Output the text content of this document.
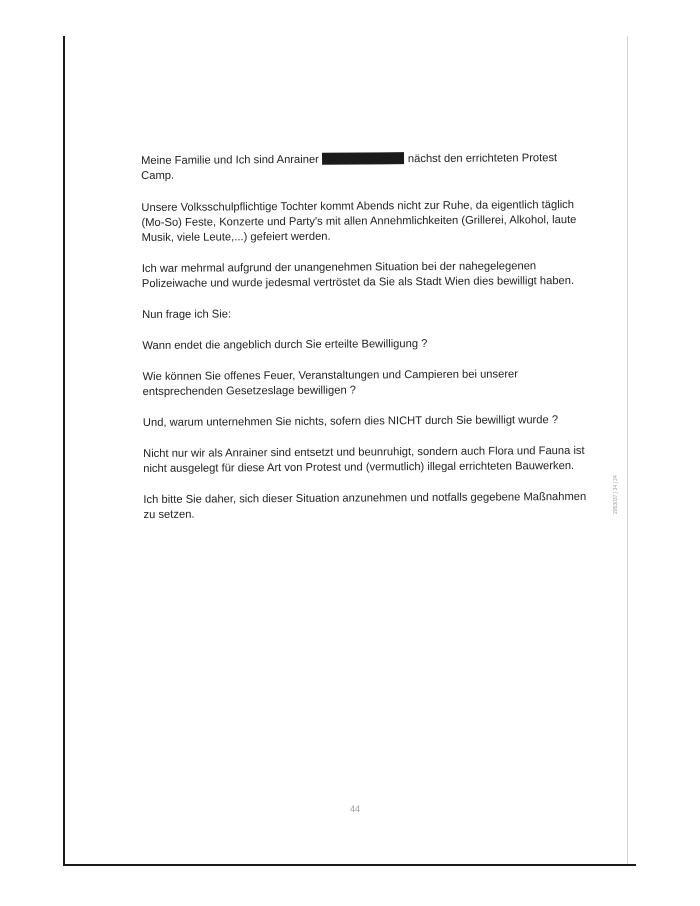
Meine Familie und Ich sind Anrainer	nächst den errichteten Protest Camp.

Unsere Volksschulpflichtige Tochter kommt Abends nicht zur Ruhe, da eigentlich täglich (Mo-So) Feste, Konzerte und Party's mit allen Annehmlichkeiten (Grillerei, Alkohol, laute Musik, viele Leute,...) gefeiert werden.

Ich war mehrmal aufgrund der unangenehmen Situation bei der nahegelegenen Polizeiwache und wurde jedesmal vertröstet da Sie als Stadt Wien dies bewilligt haben.

Nun frage ich Sie:

Wann endet die angeblich durch Sie erteilte Bewilligung ?

Wie können Sie offenes Feuer, Veranstaltungen und Campieren bei unserer entsprechenden Gesetzeslage bewilligen ?

Und, warum unternehmen Sie nichts, sofern dies NICHT durch Sie bewilligt wurde ?

Nicht nur wir als Anrainer sind entsetzt und beunruhigt, sondern auch Flora und Fauna ist nicht ausgelegt für diese Art von Protest und (vermutlich) illegal errichteten Bauwerken.

Ich bitte Sie daher, sich dieser Situation anzunehmen und notfalls gegebene Maßnahmen zu setzen.

2053037 | 34 | 24
44
